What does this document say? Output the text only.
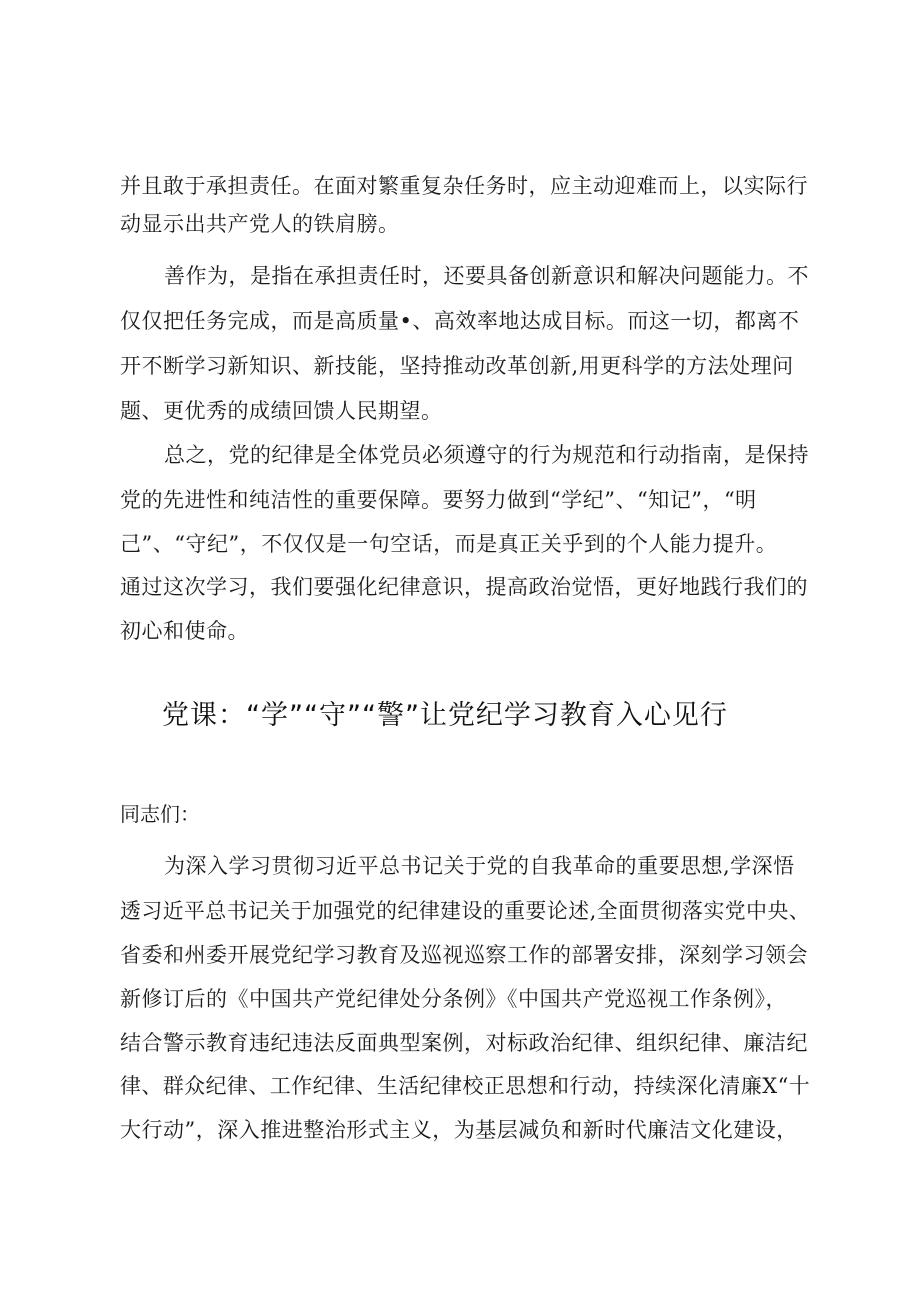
并且敢于承担责任。在面对繁重复杂任务时，应主动迎难而上，以实际行
动显示出共产党人的铁肩膀。
善作为，是指在承担责任时，还要具备创新意识和解决问题能力。不
仅仅把任务完成，而是高质量•、高效率地达成目标。而这一切，都离不
开不断学习新知识、新技能，坚持推动改革创新,用更科学的方法处理问
题、更优秀的成绩回馈人民期望。
总之，党的纪律是全体党员必须遵守的行为规范和行动指南，是保持
党的先进性和纯洁性的重要保障。要努力做到“学纪”、“知记”，“明
己”、“守纪”，不仅仅是一句空话，而是真正关乎到的个人能力提升。
通过这次学习，我们要强化纪律意识，提高政治觉悟，更好地践行我们的
初心和使命。
党课：“学”“守”“警”让党纪学习教育入心见行
同志们：
为深入学习贯彻习近平总书记关于党的自我革命的重要思想,学深悟
透习近平总书记关于加强党的纪律建设的重要论述,全面贯彻落实党中央、
省委和州委开展党纪学习教育及巡视巡察工作的部署安排，深刻学习领会
新修订后的《中国共产党纪律处分条例》《中国共产党巡视工作条例》，
结合警示教育违纪违法反面典型案例，对标政治纪律、组织纪律、廉洁纪
律、群众纪律、工作纪律、生活纪律校正思想和行动，持续深化清廉X“十
大行动”，深入推进整治形式主义，为基层减负和新时代廉洁文化建设，
